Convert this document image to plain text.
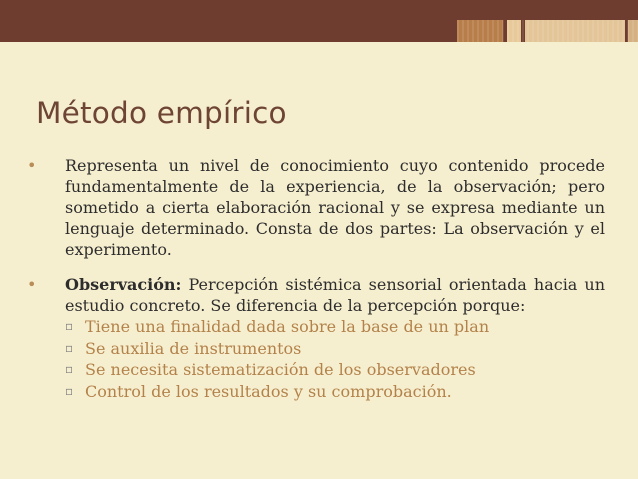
Método empírico
• Representa un nivel de conocimiento cuyo contenido procede fundamentalmente de la experiencia, de la observación; pero sometido a cierta elaboración racional y se expresa mediante un lenguaje determinado. Consta de dos partes: La observación y el experimento.
• Observación: Percepción sistémica sensorial orientada hacia un estudio concreto. Se diferencia de la percepción porque:
▫ Tiene una finalidad dada sobre la base de un plan
▫ Se auxilia de instrumentos
▫ Se necesita sistematización de los observadores
▫ Control de los resultados y su comprobación.
